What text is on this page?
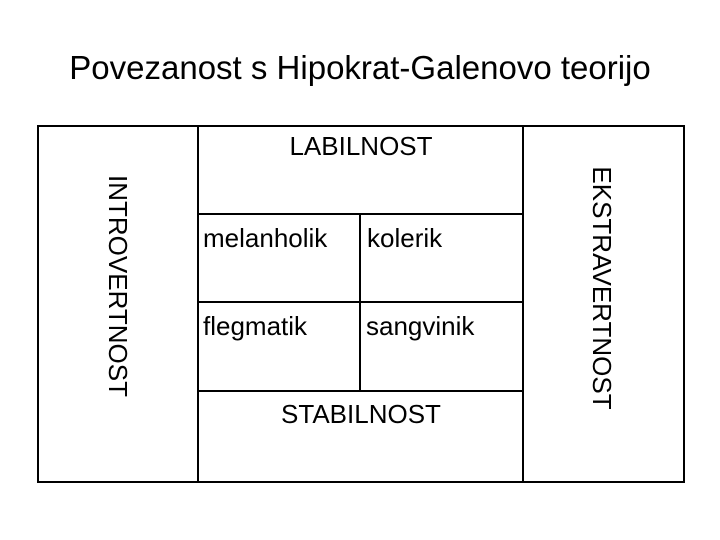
Povezanost s Hipokrat-Galenovo teorijo
LABILNOST
STABILNOST
melanholik kolerik
flegmatik sangvinik
INTROVERTNOST	EKSTRAVERTNOST
